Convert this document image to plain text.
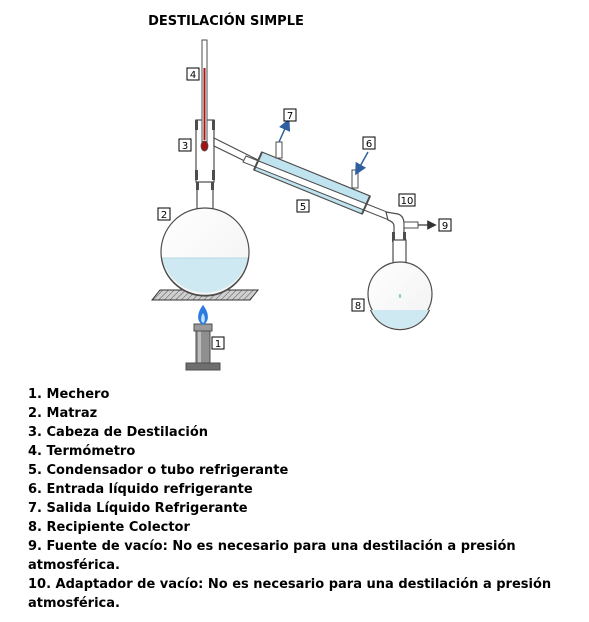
DESTILACIÓN SIMPLE
1
2
3
4
5
6
7
8
9
10
1. Mechero
2. Matraz
3. Cabeza de Destilación
4. Termómetro
5. Condensador o tubo refrigerante
6. Entrada líquido refrigerante
7. Salida Líquido Refrigerante
8. Recipiente Colector
9. Fuente de vacío: No es necesario para una destilación a presión atmosférica.
10. Adaptador de vacío: No es necesario para una destilación a presión atmosférica.
